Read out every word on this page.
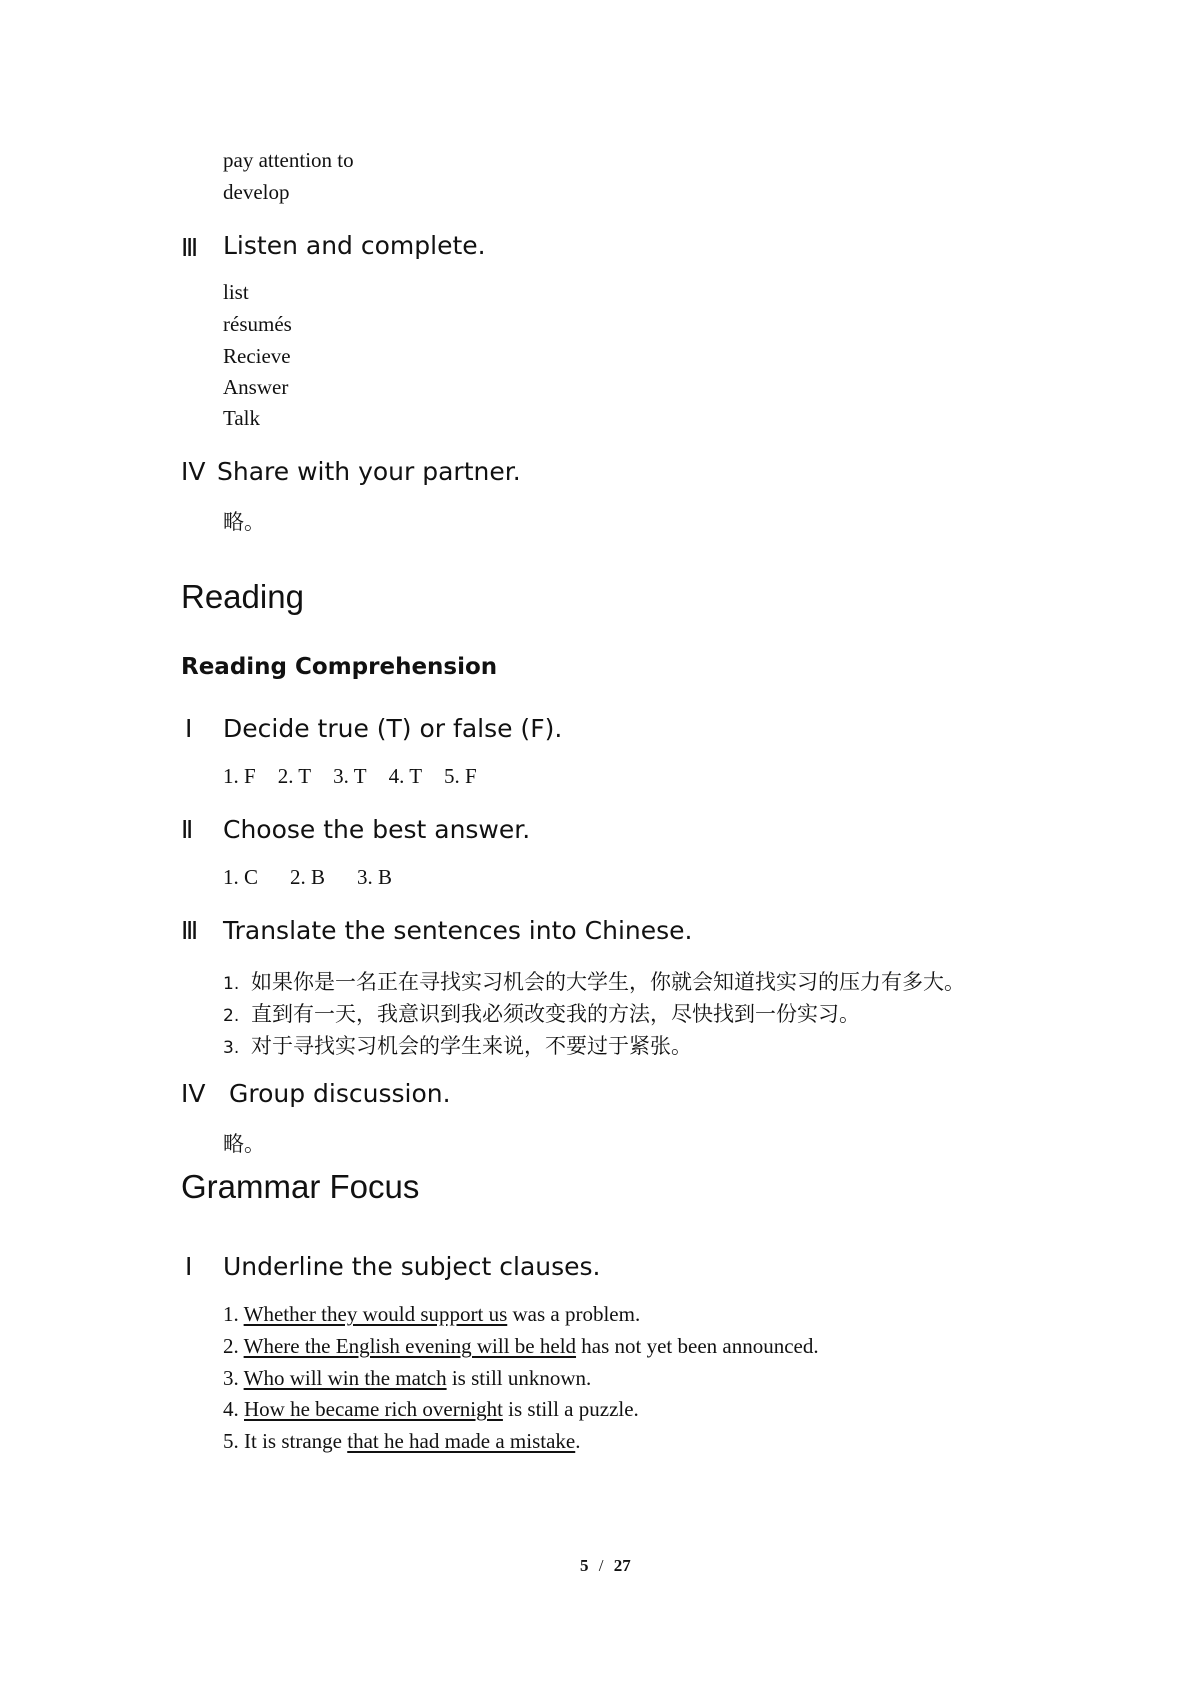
pay attention to
develop
Ⅲ Listen and complete.
list
résumés
Recieve
Answer
Talk
IV Share with your partner.
略。
Reading
Reading Comprehension
Ⅰ Decide true (T) or false (F).
1. F 2. T 3. T 4. T 5. F
Ⅱ Choose the best answer.
1. C 2. B 3. B
Ⅲ Translate the sentences into Chinese.
1. 如果你是一名正在寻找实习机会的大学生，你就会知道找实习的压力有多大。
2. 直到有一天，我意识到我必须改变我的方法，尽快找到一份实习。
3. 对于寻找实习机会的学生来说，不要过于紧张。
IV Group discussion.
略。
Grammar Focus
Ⅰ Underline the subject clauses.
1. Whether they would support us was a problem.
2. Where the English evening will be held has not yet been announced.
3. Who will win the match is still unknown.
4. How he became rich overnight is still a puzzle.
5. It is strange that he had made a mistake.
5 / 27
